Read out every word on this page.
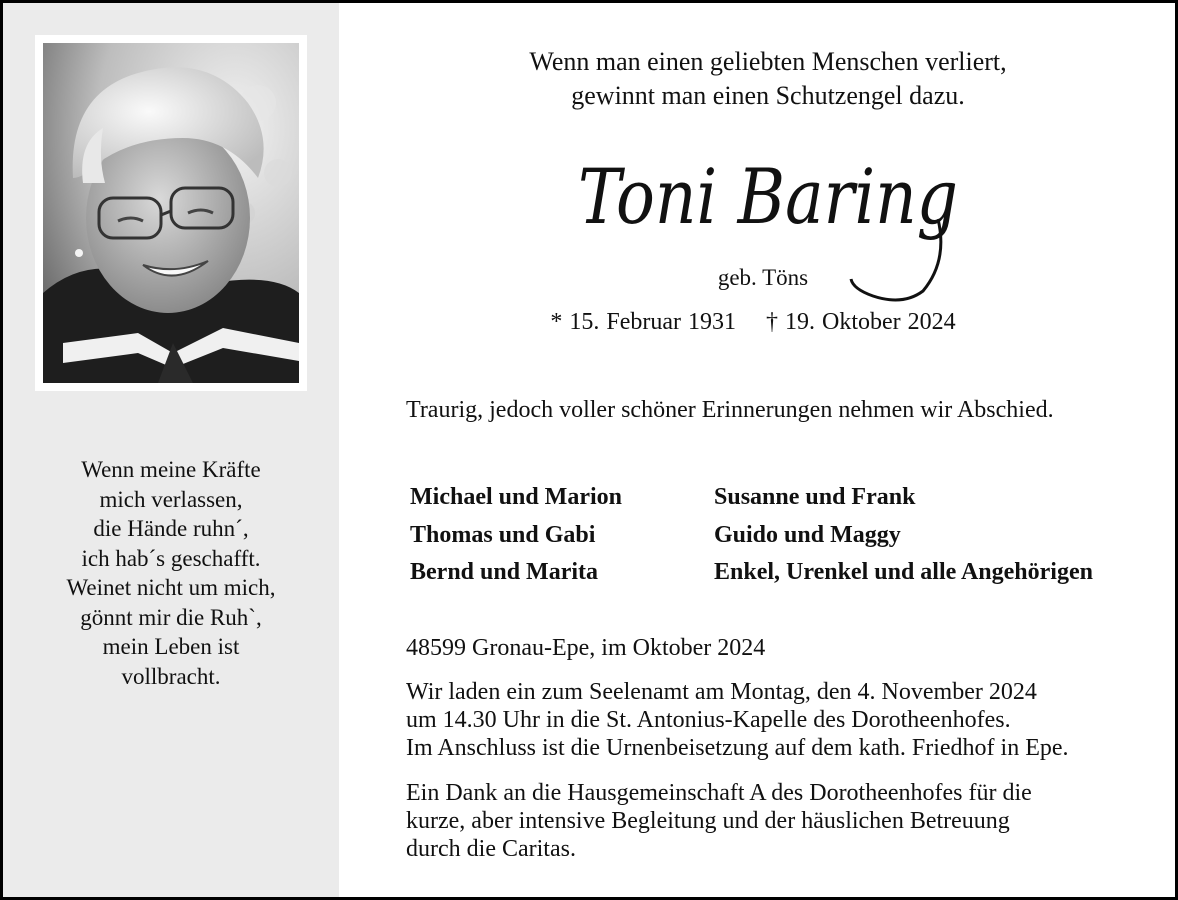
Wenn meine Kräfte
mich verlassen,
die Hände ruhn´,
ich hab´s geschafft.
Weinet nicht um mich,
gönnt mir die Ruh`,
mein Leben ist
vollbracht.
Wenn man einen geliebten Menschen verliert,
gewinnt man einen Schutzengel dazu.
Toni Baring
geb. Töns
* 15. Februar 1931 † 19. Oktober 2024
Traurig, jedoch voller schöner Erinnerungen nehmen wir Abschied.
Michael und Marion
Thomas und Gabi
Bernd und Marita
Susanne und Frank
Guido und Maggy
Enkel, Urenkel und alle Angehörigen
48599 Gronau-Epe, im Oktober 2024
Wir laden ein zum Seelenamt am Montag, den 4. November 2024
um 14.30 Uhr in die St. Antonius-Kapelle des Dorotheenhofes.
Im Anschluss ist die Urnenbeisetzung auf dem kath. Friedhof in Epe.
Ein Dank an die Hausgemeinschaft A des Dorotheenhofes für die
kurze, aber intensive Begleitung und der häuslichen Betreuung
durch die Caritas.
